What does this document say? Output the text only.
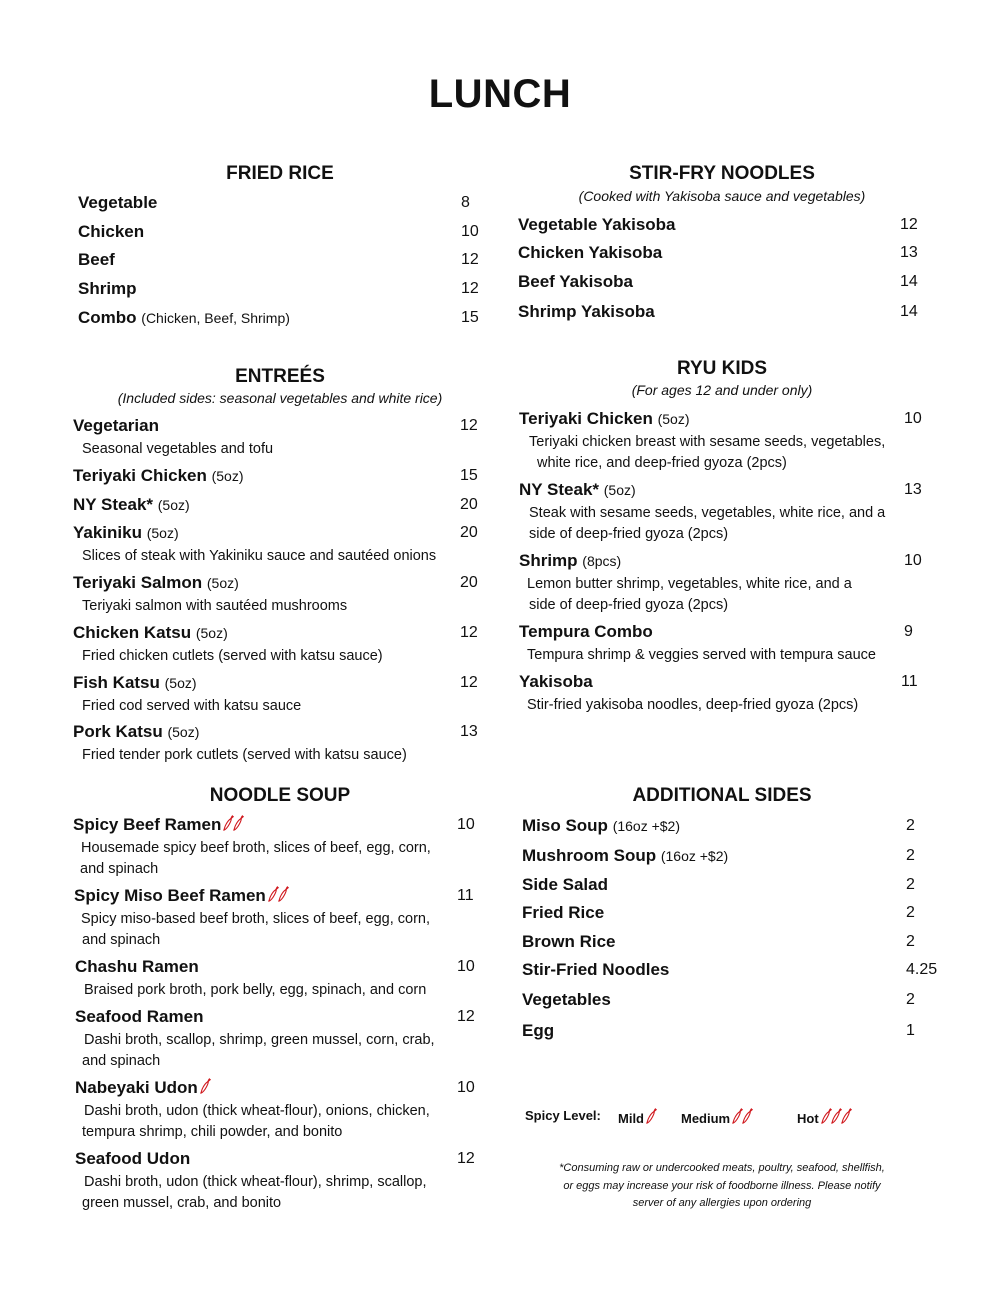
LUNCH
FRIED RICE
Vegetable	8
Chicken	10
Beef	12
Shrimp	12
Combo (Chicken, Beef, Shrimp)	15
STIR-FRY NOODLES
(Cooked with Yakisoba sauce and vegetables)
Vegetable Yakisoba	12
Chicken Yakisoba	13
Beef Yakisoba	14
Shrimp Yakisoba	14
ENTREÉS
(Included sides: seasonal vegetables and white rice)
Vegetarian	12
Seasonal vegetables and tofu
Teriyaki Chicken (5oz)	15
NY Steak* (5oz)	20
Yakiniku (5oz)	20
Slices of steak with Yakiniku sauce and sautéed onions
Teriyaki Salmon (5oz)	20
Teriyaki salmon with sautéed mushrooms
Chicken Katsu (5oz)	12
Fried chicken cutlets (served with katsu sauce)
Fish Katsu (5oz)	12
Fried cod served with katsu sauce
Pork Katsu (5oz)	13
Fried tender pork cutlets (served with katsu sauce)
RYU KIDS
(For ages 12 and under only)
Teriyaki Chicken (5oz)	10
Teriyaki chicken breast with sesame seeds, vegetables,
white rice, and deep-fried gyoza (2pcs)
NY Steak* (5oz)	13
Steak with sesame seeds, vegetables, white rice, and a
side of deep-fried gyoza (2pcs)
Shrimp (8pcs)	10
Lemon butter shrimp, vegetables, white rice, and a
side of deep-fried gyoza (2pcs)
Tempura Combo	9
Tempura shrimp & veggies served with tempura sauce
Yakisoba	11
Stir-fried yakisoba noodles, deep-fried gyoza (2pcs)
NOODLE SOUP
Spicy Beef Ramen	10
Housemade spicy beef broth, slices of beef, egg, corn,
and spinach
Spicy Miso Beef Ramen	11
Spicy miso-based beef broth, slices of beef, egg, corn,
and spinach
Chashu Ramen	10
Braised pork broth, pork belly, egg, spinach, and corn
Seafood Ramen	12
Dashi broth, scallop, shrimp, green mussel, corn, crab,
and spinach
Nabeyaki Udon	10
Dashi broth, udon (thick wheat-flour), onions, chicken,
tempura shrimp, chili powder, and bonito
Seafood Udon	12
Dashi broth, udon (thick wheat-flour), shrimp, scallop,
green mussel, crab, and bonito
ADDITIONAL SIDES
Miso Soup (16oz +$2)	2
Mushroom Soup (16oz +$2)	2
Side Salad	2
Fried Rice	2
Brown Rice	2
Stir-Fried Noodles	4.25
Vegetables	2
Egg	1
Spicy Level: Mild	Medium	Hot
*Consuming raw or undercooked meats, poultry, seafood, shellfish,
or eggs may increase your risk of foodborne illness. Please notify
server of any allergies upon ordering
